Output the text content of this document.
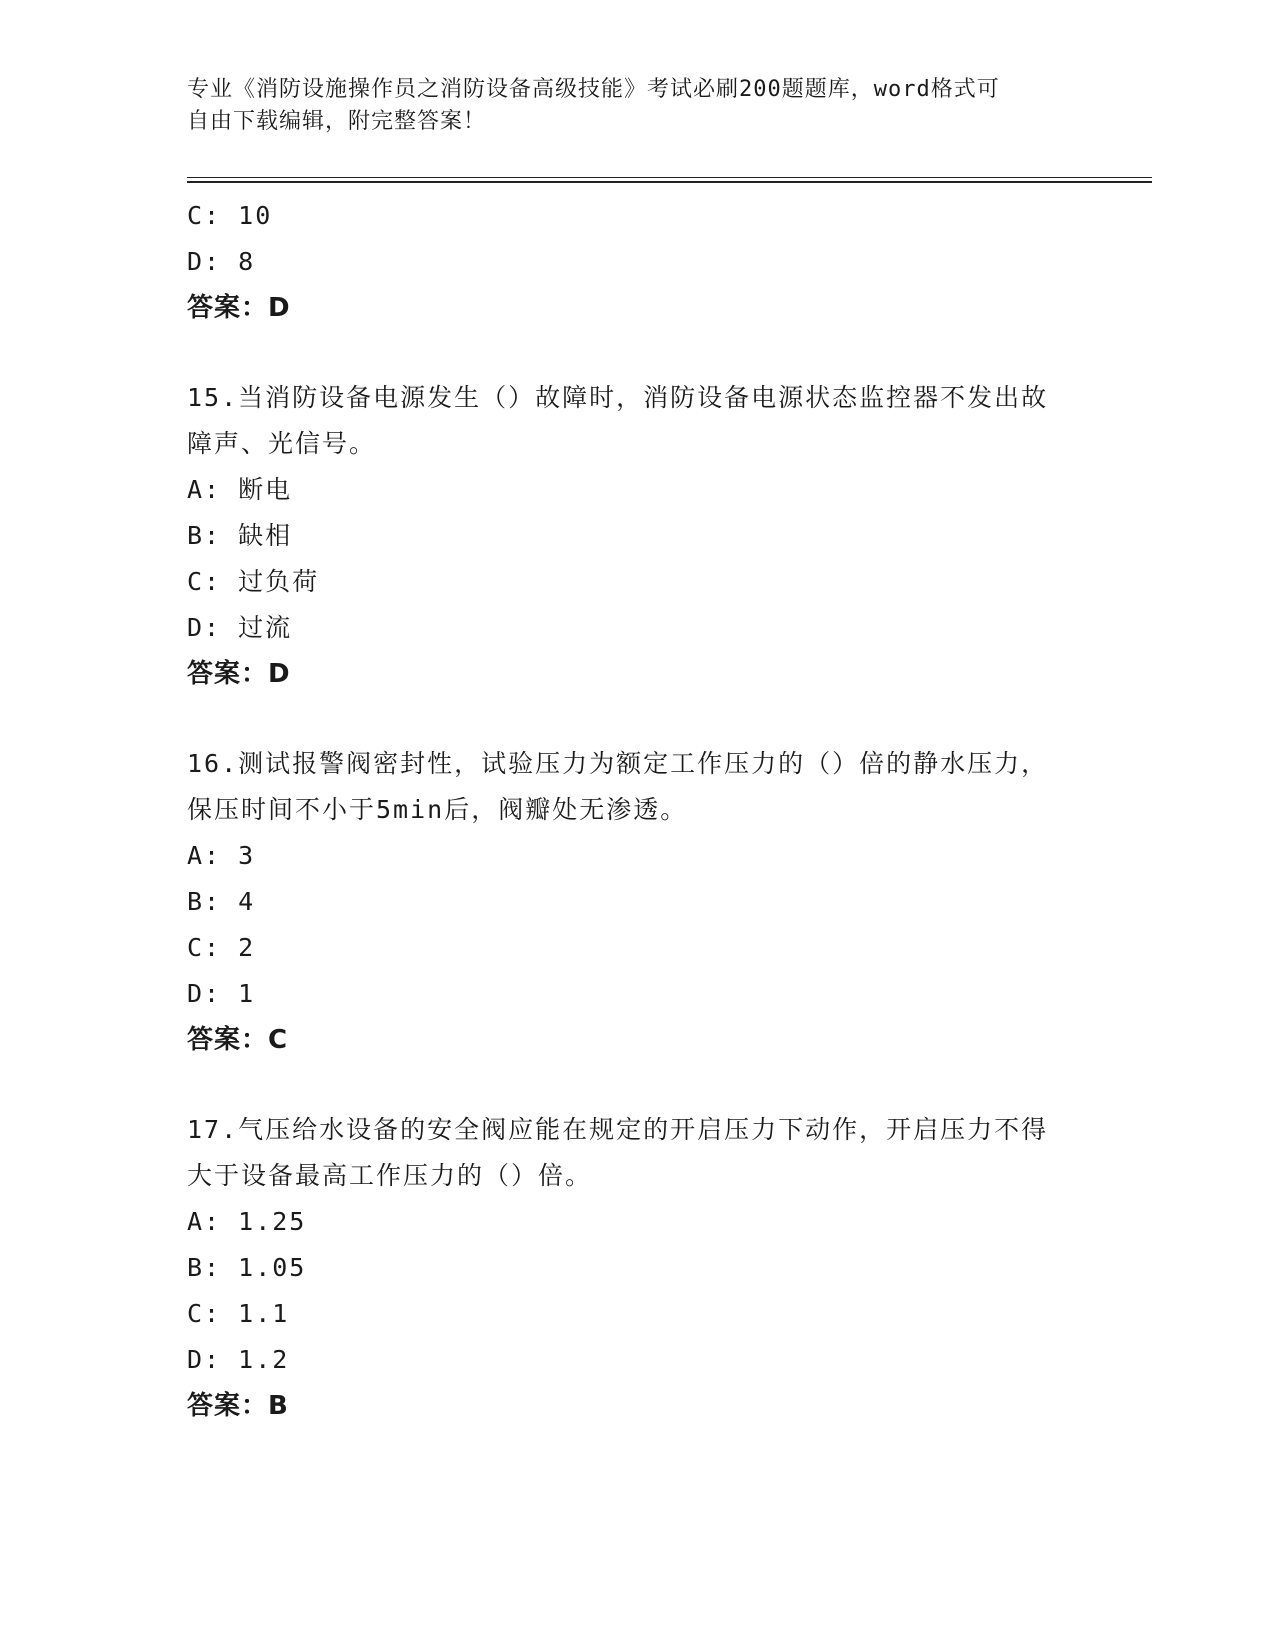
专业《消防设施操作员之消防设备高级技能》考试必刷200题题库，word格式可
自由下载编辑，附完整答案！
C: 10
D: 8
答案：D
15.当消防设备电源发生（）故障时，消防设备电源状态监控器不发出故障声、光信号。
A: 断电
B: 缺相
C: 过负荷
D: 过流
答案：D
16.测试报警阀密封性，试验压力为额定工作压力的（）倍的静水压力，保压时间不小于5min后，阀瓣处无渗透。
A: 3
B: 4
C: 2
D: 1
答案：C
17.气压给水设备的安全阀应能在规定的开启压力下动作，开启压力不得大于设备最高工作压力的（）倍。
A: 1.25
B: 1.05
C: 1.1
D: 1.2
答案：B
